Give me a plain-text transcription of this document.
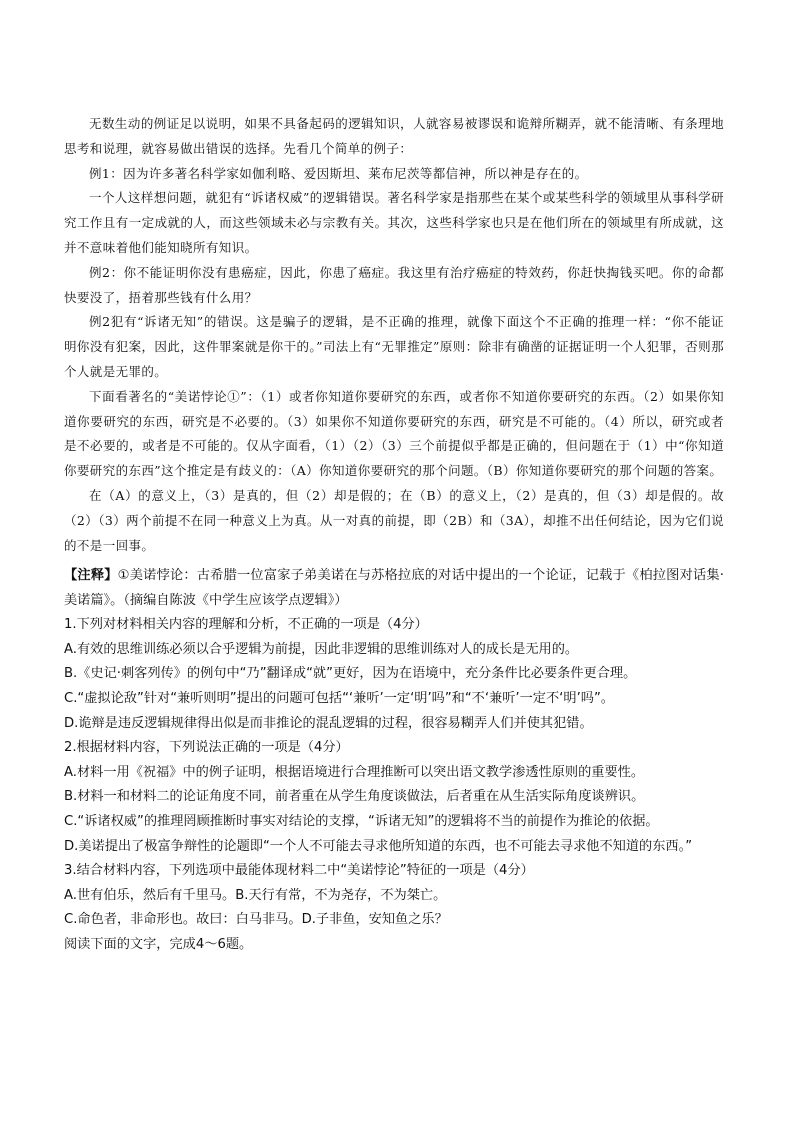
无数生动的例证足以说明，如果不具备起码的逻辑知识，人就容易被谬误和诡辩所糊弄，就不能清晰、有条理地思考和说理，就容易做出错误的选择。先看几个简单的例子：

例1：因为许多著名科学家如伽利略、爱因斯坦、莱布尼茨等都信神，所以神是存在的。

一个人这样想问题，就犯有“诉诸权威”的逻辑错误。著名科学家是指那些在某个或某些科学的领域里从事科学研究工作且有一定成就的人，而这些领域未必与宗教有关。其次，这些科学家也只是在他们所在的领域里有所成就，这并不意味着他们能知晓所有知识。

例2：你不能证明你没有患癌症，因此，你患了癌症。我这里有治疗癌症的特效药，你赶快掏钱买吧。你的命都快要没了，捂着那些钱有什么用？

例2犯有“诉诸无知”的错误。这是骗子的逻辑，是不正确的推理，就像下面这个不正确的推理一样：“你不能证明你没有犯案，因此，这件罪案就是你干的。”司法上有“无罪推定”原则：除非有确凿的证据证明一个人犯罪，否则那个人就是无罪的。

下面看著名的“美诺悖论①”：（1）或者你知道你要研究的东西，或者你不知道你要研究的东西。（2）如果你知道你要研究的东西，研究是不必要的。（3）如果你不知道你要研究的东西，研究是不可能的。（4）所以，研究或者是不必要的，或者是不可能的。仅从字面看，（1）（2）（3）三个前提似乎都是正确的，但问题在于（1）中“你知道你要研究的东西”这个推定是有歧义的：（A）你知道你要研究的那个问题。（B）你知道你要研究的那个问题的答案。

在（A）的意义上，（3）是真的，但（2）却是假的；在（B）的意义上，（2）是真的，但（3）却是假的。故（2）（3）两个前提不在同一种意义上为真。从一对真的前提，即（2B）和（3A），却推不出任何结论，因为它们说的不是一回事。

【注释】①美诺悖论：古希腊一位富家子弟美诺在与苏格拉底的对话中提出的一个论证，记载于《柏拉图对话集·美诺篇》。（摘编自陈波《中学生应该学点逻辑》）

1.下列对材料相关内容的理解和分析，不正确的一项是（4分）

A.有效的思维训练必须以合乎逻辑为前提，因此非逻辑的思维训练对人的成长是无用的。

B.《史记·刺客列传》的例句中“乃”翻译成“就”更好，因为在语境中，充分条件比必要条件更合理。

C.“虚拟论敌”针对“兼听则明”提出的问题可包括“‘兼听’一定‘明’吗”和“不‘兼听’一定不‘明’吗”。

D.诡辩是违反逻辑规律得出似是而非推论的混乱逻辑的过程，很容易糊弄人们并使其犯错。

2.根据材料内容，下列说法正确的一项是（4分）

A.材料一用《祝福》中的例子证明，根据语境进行合理推断可以突出语文教学渗透性原则的重要性。

B.材料一和材料二的论证角度不同，前者重在从学生角度谈做法，后者重在从生活实际角度谈辨识。

C.“诉诸权威”的推理罔顾推断时事实对结论的支撑，“诉诸无知”的逻辑将不当的前提作为推论的依据。

D.美诺提出了极富争辩性的论题即“一个人不可能去寻求他所知道的东西，也不可能去寻求他不知道的东西。”

3.结合材料内容，下列选项中最能体现材料二中“美诺悖论”特征的一项是（4分）

A.世有伯乐，然后有千里马。B.天行有常，不为尧存，不为桀亡。

C.命色者，非命形也。故曰：白马非马。D.子非鱼，安知鱼之乐？

阅读下面的文字，完成4～6题。
